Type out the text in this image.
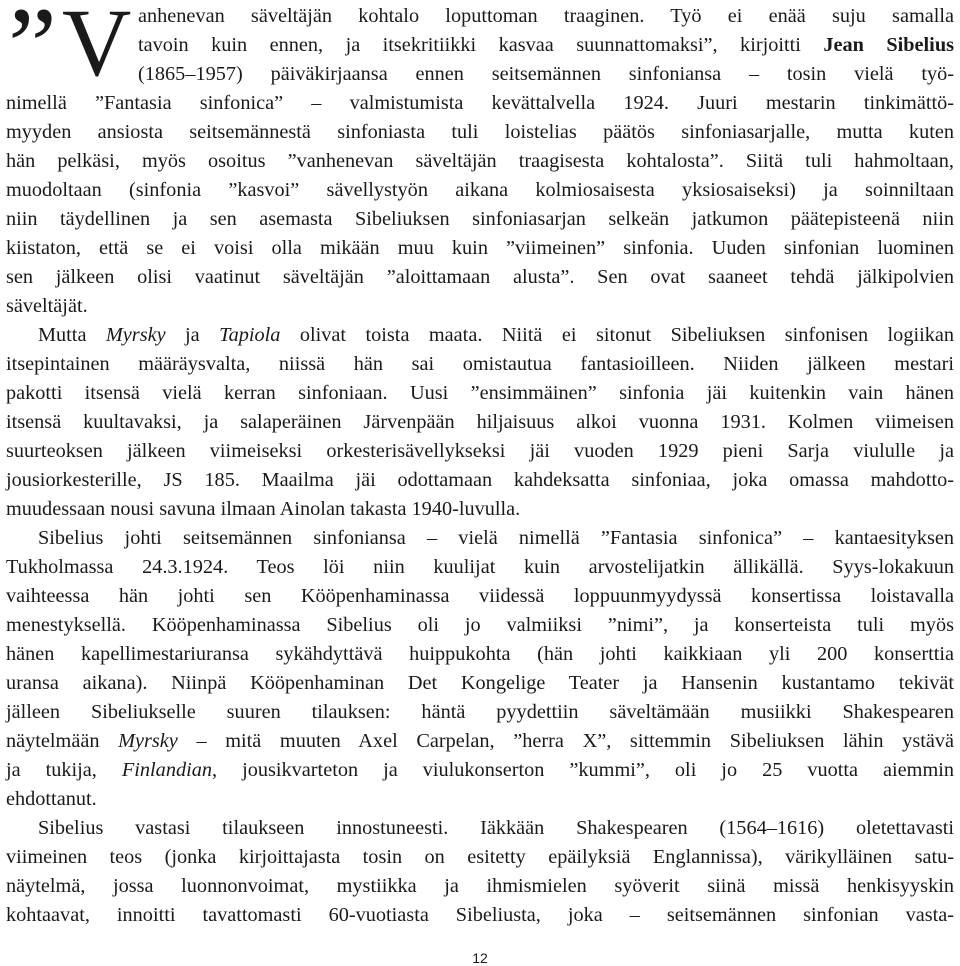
” V anhenevan säveltäjän kohtalo loputtoman traaginen. Työ ei enää suju samalla
tavoin kuin ennen, ja itsekritiikki kasvaa suunnattomaksi”, kirjoitti Jean Sibelius
(1865–1957) päiväkirjaansa ennen seitsemännen sinfoniansa – tosin vielä työ-
nimellä ”Fantasia sinfonica” – valmistumista kevättalvella 1924. Juuri mestarin tinkimättö-
myyden ansiosta seitsemännestä sinfoniasta tuli loistelias päätös sinfoniasarjalle, mutta kuten
hän pelkäsi, myös osoitus ”vanhenevan säveltäjän traagisesta kohtalosta”. Siitä tuli hahmoltaan,
muodoltaan (sinfonia ”kasvoi” sävellystyön aikana kolmiosaisesta yksiosaiseksi) ja soinniltaan
niin täydellinen ja sen asemasta Sibeliuksen sinfoniasarjan selkeän jatkumon päätepisteenä niin
kiistaton, että se ei voisi olla mikään muu kuin ”viimeinen” sinfonia. Uuden sinfonian luominen
sen jälkeen olisi vaatinut säveltäjän ”aloittamaan alusta”. Sen ovat saaneet tehdä jälkipolvien
säveltäjät.
Mutta Myrsky ja Tapiola olivat toista maata. Niitä ei sitonut Sibeliuksen sinfonisen logiikan
itsepintainen määräysvalta, niissä hän sai omistautua fantasioilleen. Niiden jälkeen mestari
pakotti itsensä vielä kerran sinfoniaan. Uusi ”ensimmäinen” sinfonia jäi kuitenkin vain hänen
itsensä kuultavaksi, ja salaperäinen Järvenpään hiljaisuus alkoi vuonna 1931. Kolmen viimeisen
suurteoksen jälkeen viimeiseksi orkesterisävellykseksi jäi vuoden 1929 pieni Sarja viululle ja
jousiorkesterille, JS 185. Maailma jäi odottamaan kahdeksatta sinfoniaa, joka omassa mahdotto-
muudessaan nousi savuna ilmaan Ainolan takasta 1940-luvulla.
Sibelius johti seitsemännen sinfoniansa – vielä nimellä ”Fantasia sinfonica” – kantaesityksen
Tukholmassa 24.3.1924. Teos löi niin kuulijat kuin arvostelijatkin ällikällä. Syys-lokakuun
vaihteessa hän johti sen Kööpenhaminassa viidessä loppuunmyydyssä konsertissa loistavalla
menestyksellä. Kööpenhaminassa Sibelius oli jo valmiiksi ”nimi”, ja konserteista tuli myös
hänen kapellimestariuransa sykähdyttävä huippukohta (hän johti kaikkiaan yli 200 konserttia
uransa aikana). Niinpä Kööpenhaminan Det Kongelige Teater ja Hansenin kustantamo tekivät
jälleen Sibeliukselle suuren tilauksen: häntä pyydettiin säveltämään musiikki Shakespearen
näytelmään Myrsky – mitä muuten Axel Carpelan, ”herra X”, sittemmin Sibeliuksen lähin ystävä
ja tukija, Finlandian, jousikvarteton ja viulukonserton ”kummi”, oli jo 25 vuotta aiemmin
ehdottanut.
Sibelius vastasi tilaukseen innostuneesti. Iäkkään Shakespearen (1564–1616) oletettavasti
viimeinen teos (jonka kirjoittajasta tosin on esitetty epäilyksiä Englannissa), värikylläinen satu-
näytelmä, jossa luonnonvoimat, mystiikka ja ihmismielen syöverit siinä missä henkisyyskin
kohtaavat, innoitti tavattomasti 60-vuotiasta Sibeliusta, joka – seitsemännen sinfonian vasta-
12
